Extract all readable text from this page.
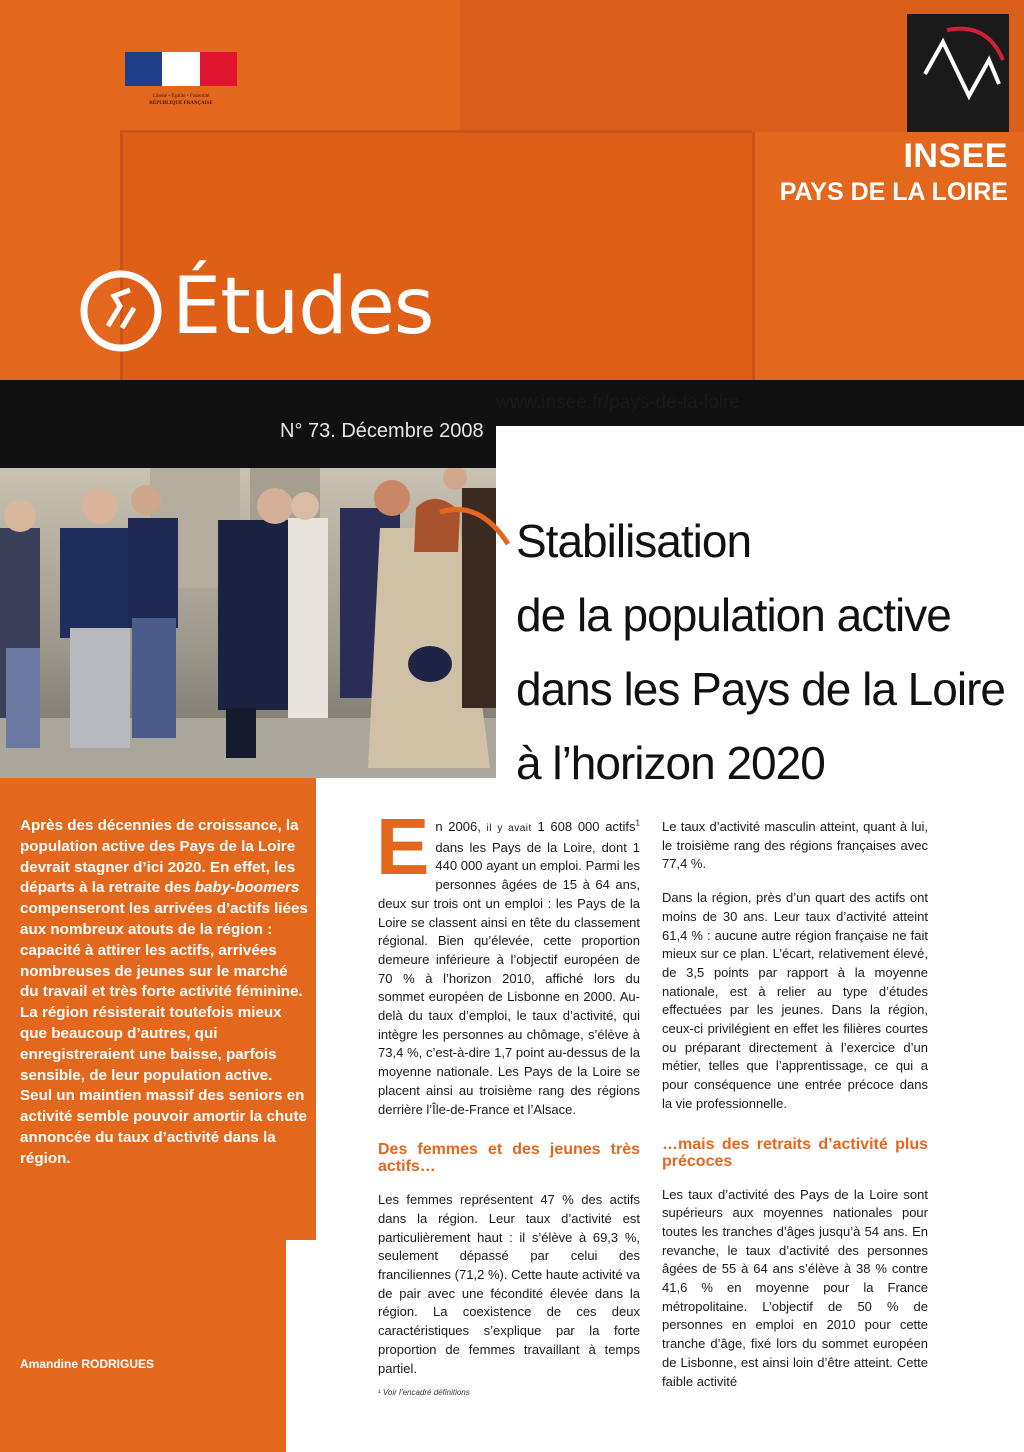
Liberté • Égalité • Fraternité
RÉPUBLIQUE FRANÇAISE
INSEE
PAYS DE LA LOIRE
Études
www.insee.fr/pays-de-la-loire
N° 73. Décembre 2008
Stabilisation
de la population active
dans les Pays de la Loire
à l’horizon 2020
Après des décennies de croissance, la population active des Pays de la Loire devrait stagner d’ici 2020. En effet, les départs à la retraite des baby-boomers compenseront les arrivées d’actifs liées aux nombreux atouts de la région : capacité à attirer les actifs, arrivées nombreuses de jeunes sur le marché du travail et très forte activité féminine. La région résisterait toutefois mieux que beaucoup d’autres, qui enregistreraient une baisse, parfois sensible, de leur population active. Seul un maintien massif des seniors en activité semble pouvoir amortir la chute annoncée du taux d’activité dans la région.
Amandine RODRIGUES

En 2006, il y avait 1 608 000 actifs$^1$ dans les Pays de la Loire, dont 1 440 000 ayant un emploi. Parmi les personnes âgées de 15 à 64 ans, deux sur trois ont un emploi : les Pays de la Loire se classent ainsi en tête du classement régional. Bien qu’élevée, cette proportion demeure inférieure à l’objectif européen de 70 % à l’horizon 2010, affiché lors du sommet européen de Lisbonne en 2000. Au-delà du taux d’emploi, le taux d’activité, qui intègre les personnes au chômage, s’élève à 73,4 %, c’est-à-dire 1,7 point au-dessus de la moyenne nationale. Les Pays de la Loire se placent ainsi au troisième rang des régions derrière l’Île-de-France et l’Alsace.

Des femmes et des jeunes très actifs…

Les femmes représentent 47 % des actifs dans la région. Leur taux d’activité est particulièrement haut : il s’élève à 69,3 %, seulement dépassé par celui des franciliennes (71,2 %). Cette haute activité va de pair avec une fécondité élevée dans la région. La coexistence de ces deux caractéristiques s’explique par la forte proportion de femmes travaillant à temps partiel.

¹ Voir l’encadré définitions

Le taux d’activité masculin atteint, quant à lui, le troisième rang des régions françaises avec 77,4 %.

Dans la région, près d’un quart des actifs ont moins de 30 ans. Leur taux d’activité atteint 61,4 % : aucune autre région française ne fait mieux sur ce plan. L’écart, relativement élevé, de 3,5 points par rapport à la moyenne nationale, est à relier au type d’études effectuées par les jeunes. Dans la région, ceux-ci privilégient en effet les filières courtes ou préparant directement à l’exercice d’un métier, telles que l’apprentissage, ce qui a pour conséquence une entrée précoce dans la vie professionnelle.

…mais des retraits d’activité plus précoces

Les taux d’activité des Pays de la Loire sont supérieurs aux moyennes nationales pour toutes les tranches d’âges jusqu’à 54 ans. En revanche, le taux d’activité des personnes âgées de 55 à 64 ans s’élève à 38 % contre 41,6 % en moyenne pour la France métropolitaine. L’objectif de 50 % de personnes en emploi en 2010 pour cette tranche d’âge, fixé lors du sommet européen de Lisbonne, est ainsi loin d’être atteint. Cette faible activité
